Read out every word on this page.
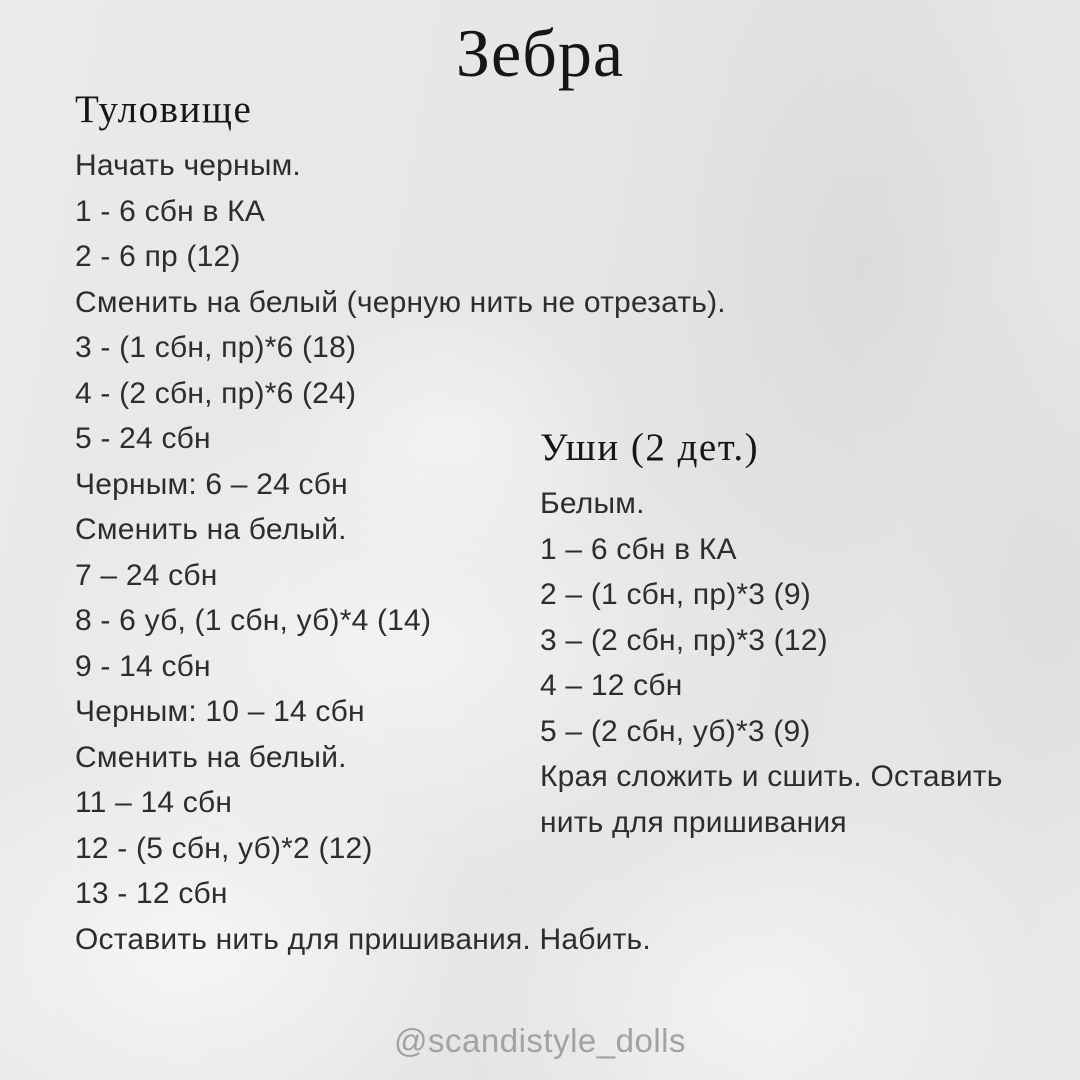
Зебра
Туловище
Начать черным.
1 - 6 сбн в КА
2 - 6 пр (12)
Сменить на белый (черную нить не отрезать).
3 - (1 сбн, пр)*6 (18)
4 - (2 сбн, пр)*6 (24)
5 - 24 сбн
Черным: 6 – 24 сбн
Сменить на белый.
7 – 24 сбн
8 - 6 уб, (1 сбн, уб)*4 (14)
9 - 14 сбн
Черным: 10 – 14 сбн
Сменить на белый.
11 – 14 сбн
12 - (5 сбн, уб)*2 (12)
13 - 12 сбн
Оставить нить для пришивания. Набить.
Уши (2 дет.)
Белым.
1 – 6 сбн в КА
2 – (1 сбн, пр)*3 (9)
3 – (2 сбн, пр)*3 (12)
4 – 12 сбн
5 – (2 сбн, уб)*3 (9)
Края сложить и сшить. Оставить нить для пришивания
@scandistyle_dolls
